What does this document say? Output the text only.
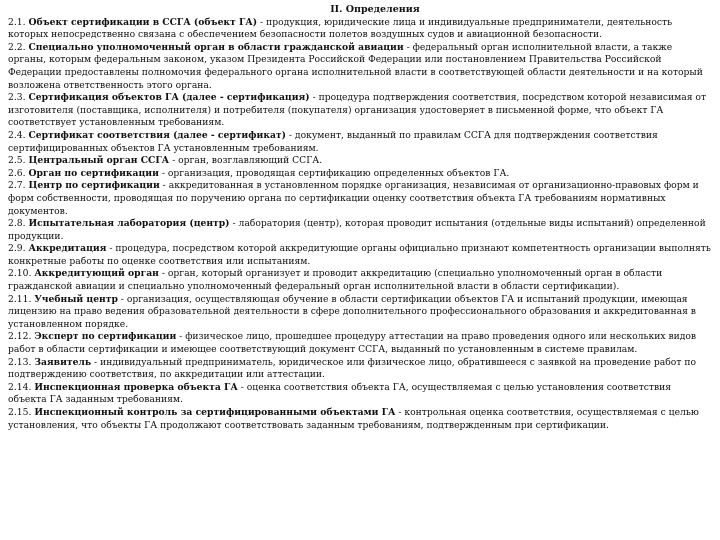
II. Определения

2.1. Объект сертификации в ССГА (объект ГА) - продукция, юридические лица и индивидуальные предприниматели, деятельность которых непосредственно связана с обеспечением безопасности полетов воздушных судов и авиационной безопасности.

2.2. Специально уполномоченный орган в области гражданской авиации - федеральный орган исполнительной власти, а также органы, которым федеральным законом, указом Президента Российской Федерации или постановлением Правительства Российской Федерации предоставлены полномочия федерального органа исполнительной власти в соответствующей области деятельности и на который возложена ответственность этого органа.

2.3. Сертификация объектов ГА (далее - сертификация) - процедура подтверждения соответствия, посредством которой независимая от изготовителя (поставщика, исполнителя) и потребителя (покупателя) организация удостоверяет в письменной форме, что объект ГА соответствует установленным требованиям.

2.4. Сертификат соответствия (далее - сертификат) - документ, выданный по правилам ССГА для подтверждения соответствия сертифицированных объектов ГА установленным требованиям.

2.5. Центральный орган ССГА - орган, возглавляющий ССГА.

2.6. Орган по сертификации - организация, проводящая сертификацию определенных объектов ГА.

2.7. Центр по сертификации - аккредитованная в установленном порядке организация, независимая от организационно-правовых форм и форм собственности, проводящая по поручению органа по сертификации оценку соответствия объекта ГА требованиям нормативных документов.

2.8. Испытательная лаборатория (центр) - лаборатория (центр), которая проводит испытания (отдельные виды испытаний) определенной продукции.

2.9. Аккредитация - процедура, посредством которой аккредитующие органы официально признают компетентность организации выполнять конкретные работы по оценке соответствия или испытаниям.

2.10. Аккредитующий орган - орган, который организует и проводит аккредитацию (специально уполномоченный орган в области гражданской авиации и специально уполномоченный федеральный орган исполнительной власти в области сертификации).

2.11. Учебный центр - организация, осуществляющая обучение в области сертификации объектов ГА и испытаний продукции, имеющая лицензию на право ведения образовательной деятельности в сфере дополнительного профессионального образования и аккредитованная в установленном порядке.

2.12. Эксперт по сертификации - физическое лицо, прошедшее процедуру аттестации на право проведения одного или нескольких видов работ в области сертификации и имеющее соответствующий документ ССГА, выданный по установленным в системе правилам.

2.13. Заявитель - индивидуальный предприниматель, юридическое или физическое лицо, обратившееся с заявкой на проведение работ по подтверждению соответствия, по аккредитации или аттестации.

2.14. Инспекционная проверка объекта ГА - оценка соответствия объекта ГА, осуществляемая с целью установления соответствия объекта ГА заданным требованиям.

2.15. Инспекционный контроль за сертифицированными объектами ГА - контрольная оценка соответствия, осуществляемая с целью установления, что объекты ГА продолжают соответствовать заданным требованиям, подтвержденным при сертификации.
